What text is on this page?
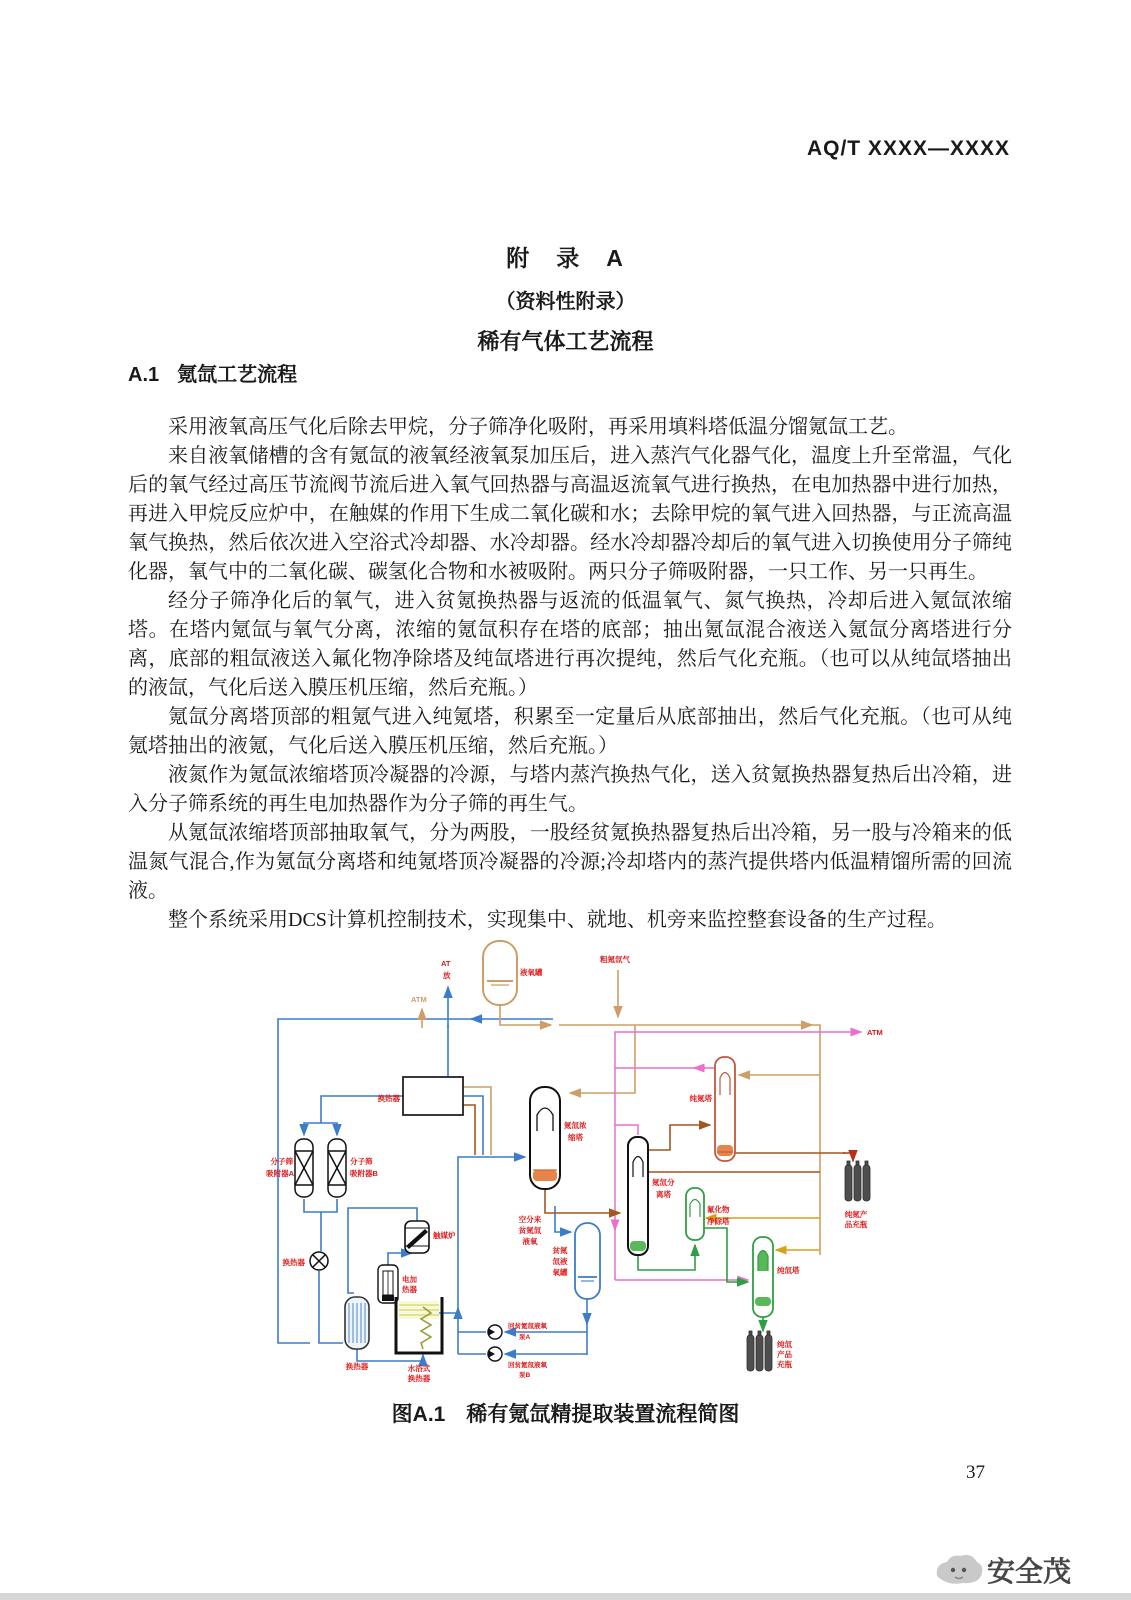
AQ/T XXXX—XXXX
附　录　A
（资料性附录）
稀有气体工艺流程
A.1 氪氙工艺流程

采用液氧高压气化后除去甲烷，分子筛净化吸附，再采用填料塔低温分馏氪氙工艺。

来自液氧储槽的含有氪氙的液氧经液氧泵加压后，进入蒸汽气化器气化，温度上升至常温，气化后的氧气经过高压节流阀节流后进入氧气回热器与高温返流氧气进行换热，在电加热器中进行加热，再进入甲烷反应炉中，在触媒的作用下生成二氧化碳和水；去除甲烷的氧气进入回热器，与正流高温氧气换热，然后依次进入空浴式冷却器、水冷却器。经水冷却器冷却后的氧气进入切换使用分子筛纯化器，氧气中的二氧化碳、碳氢化合物和水被吸附。两只分子筛吸附器，一只工作、另一只再生。

经分子筛净化后的氧气，进入贫氪换热器与返流的低温氧气、氮气换热，冷却后进入氪氙浓缩塔。在塔内氪氙与氧气分离，浓缩的氪氙积存在塔的底部；抽出氪氙混合液送入氪氙分离塔进行分离，底部的粗氙液送入氟化物净除塔及纯氙塔进行再次提纯，然后气化充瓶。（也可以从纯氙塔抽出的液氙，气化后送入膜压机压缩，然后充瓶。）

氪氙分离塔顶部的粗氪气进入纯氪塔，积累至一定量后从底部抽出，然后气化充瓶。（也可从纯氪塔抽出的液氪，气化后送入膜压机压缩，然后充瓶。）

液氮作为氪氙浓缩塔顶冷凝器的冷源，与塔内蒸汽换热气化，送入贫氪换热器复热后出冷箱，进入分子筛系统的再生电加热器作为分子筛的再生气。

从氪氙浓缩塔顶部抽取氧气，分为两股，一股经贫氪换热器复热后出冷箱，另一股与冷箱来的低温氮气混合,作为氪氙分离塔和纯氪塔顶冷凝器的冷源;冷却塔内的蒸汽提供塔内低温精馏所需的回流液。

整个系统采用DCS计算机控制技术，实现集中、就地、机旁来监控整套设备的生产过程。

ATM
AT
放	液氧罐
粗氪氙气
ATM
换热器
分子筛
吸附器A
分子筛
吸附器B
氪氙浓
缩塔
氪氙分
离塔
纯氪塔
氟化物
净除塔
纯氙塔
纯氪产
品充瓶
纯氙
产品
充瓶
触媒炉
电加
热器
换热器
换热器	水浴式
换热器
空分来
贫氪氙
液氧
贫氪
氙液
氧罐
回贫氪氙液氧
泵A
回贫氪氙液氧
泵B
图A.1　稀有氪氙精提取装置流程简图
37
安全茂
